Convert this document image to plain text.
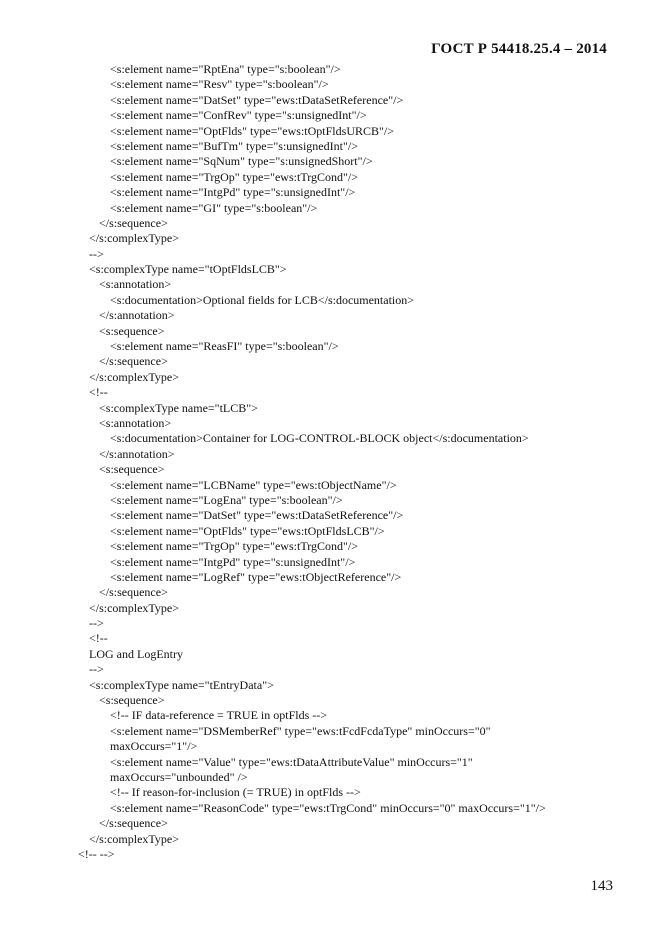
ГОСТ Р 54418.25.4 – 2014
<s:element name="RptEna" type="s:boolean"/>
<s:element name="Resv" type="s:boolean"/>
<s:element name="DatSet" type="ews:tDataSetReference"/>
<s:element name="ConfRev" type="s:unsignedInt"/>
<s:element name="OptFlds" type="ews:tOptFldsURCB"/>
<s:element name="BufTm" type="s:unsignedInt"/>
<s:element name="SqNum" type="s:unsignedShort"/>
<s:element name="TrgOp" type="ews:tTrgCond"/>
<s:element name="IntgPd" type="s:unsignedInt"/>
<s:element name="GI" type="s:boolean"/>
</s:sequence>
</s:complexType>
-->
<s:complexType name="tOptFldsLCB">
<s:annotation>
<s:documentation>Optional fields for LCB</s:documentation>
</s:annotation>
<s:sequence>
<s:element name="ReasFI" type="s:boolean"/>
</s:sequence>
</s:complexType>
<!--
<s:complexType name="tLCB">
<s:annotation>
<s:documentation>Container for LOG-CONTROL-BLOCK object</s:documentation>
</s:annotation>
<s:sequence>
<s:element name="LCBName" type="ews:tObjectName"/>
<s:element name="LogEna" type="s:boolean"/>
<s:element name="DatSet" type="ews:tDataSetReference"/>
<s:element name="OptFlds" type="ews:tOptFldsLCB"/>
<s:element name="TrgOp" type="ews:tTrgCond"/>
<s:element name="IntgPd" type="s:unsignedInt"/>
<s:element name="LogRef" type="ews:tObjectReference"/>
</s:sequence>
</s:complexType>
-->
<!--
LOG and LogEntry
-->
<s:complexType name="tEntryData">
<s:sequence>
<!-- IF data-reference = TRUE in optFlds -->
<s:element name="DSMemberRef" type="ews:tFcdFcdaType" minOccurs="0"
maxOccurs="1"/>
<s:element name="Value" type="ews:tDataAttributeValue" minOccurs="1"
maxOccurs="unbounded" />
<!-- If reason-for-inclusion (= TRUE) in optFlds -->
<s:element name="ReasonCode" type="ews:tTrgCond" minOccurs="0" maxOccurs="1"/>
</s:sequence>
</s:complexType>
<!-- -->
143
